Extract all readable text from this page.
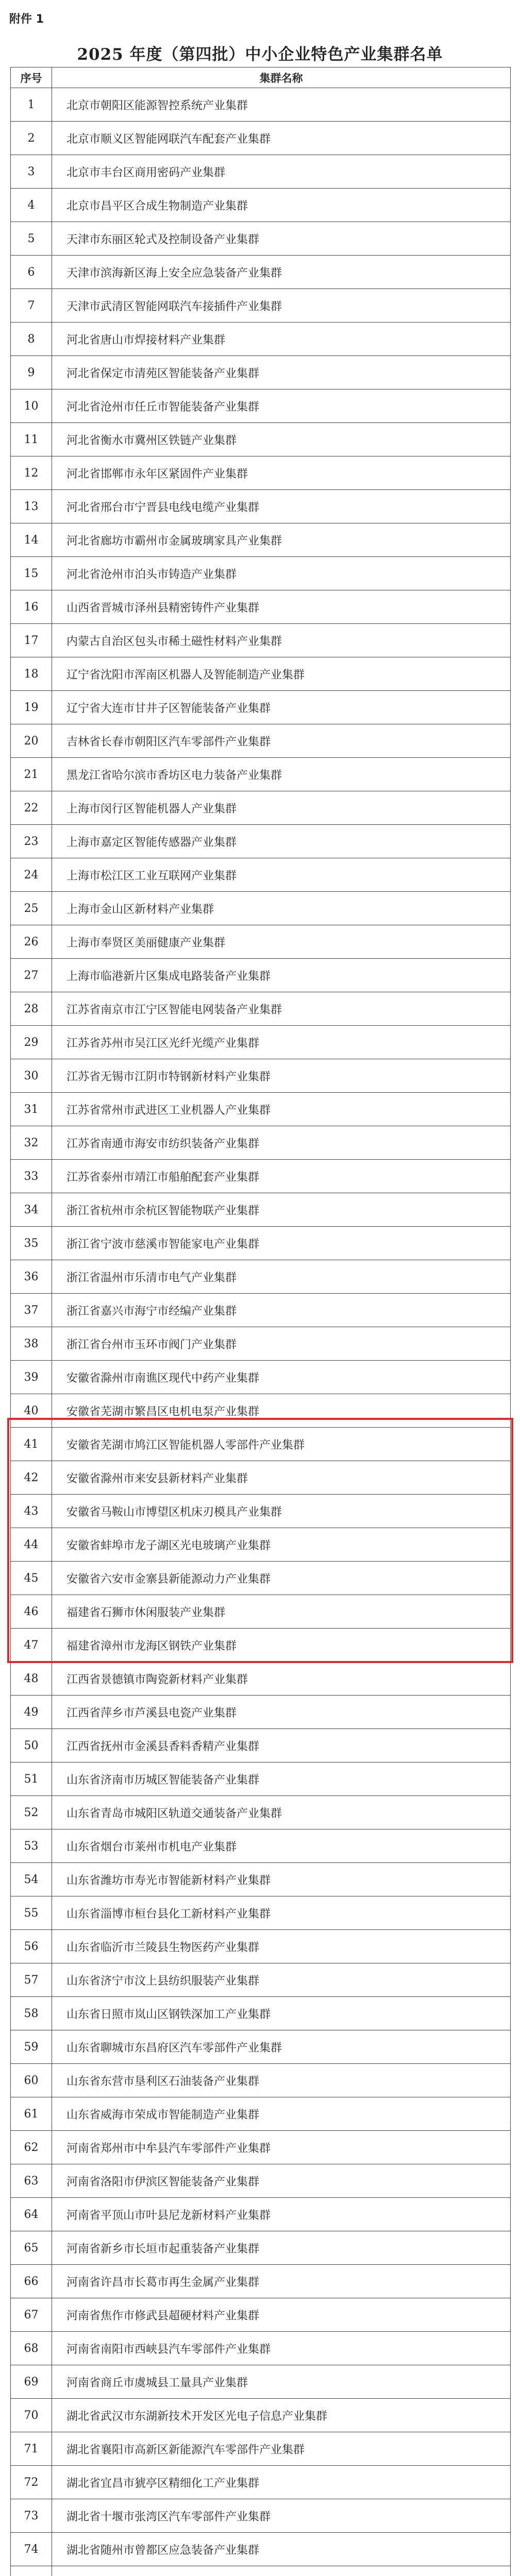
附件 1
2025 年度（第四批）中小企业特色产业集群名单
序号	集群名称
1	北京市朝阳区能源智控系统产业集群
2	北京市顺义区智能网联汽车配套产业集群
3	北京市丰台区商用密码产业集群
4	北京市昌平区合成生物制造产业集群
5	天津市东丽区轮式及控制设备产业集群
6	天津市滨海新区海上安全应急装备产业集群
7	天津市武清区智能网联汽车接插件产业集群
8	河北省唐山市焊接材料产业集群
9	河北省保定市清苑区智能装备产业集群
10	河北省沧州市任丘市智能装备产业集群
11	河北省衡水市冀州区铁链产业集群
12	河北省邯郸市永年区紧固件产业集群
13	河北省邢台市宁晋县电线电缆产业集群
14	河北省廊坊市霸州市金属玻璃家具产业集群
15	河北省沧州市泊头市铸造产业集群
16	山西省晋城市泽州县精密铸件产业集群
17	内蒙古自治区包头市稀土磁性材料产业集群
18	辽宁省沈阳市浑南区机器人及智能制造产业集群
19	辽宁省大连市甘井子区智能装备产业集群
20	吉林省长春市朝阳区汽车零部件产业集群
21	黑龙江省哈尔滨市香坊区电力装备产业集群
22	上海市闵行区智能机器人产业集群
23	上海市嘉定区智能传感器产业集群
24	上海市松江区工业互联网产业集群
25	上海市金山区新材料产业集群
26	上海市奉贤区美丽健康产业集群
27	上海市临港新片区集成电路装备产业集群
28	江苏省南京市江宁区智能电网装备产业集群
29	江苏省苏州市吴江区光纤光缆产业集群
30	江苏省无锡市江阴市特钢新材料产业集群
31	江苏省常州市武进区工业机器人产业集群
32	江苏省南通市海安市纺织装备产业集群
33	江苏省泰州市靖江市船舶配套产业集群
34	浙江省杭州市余杭区智能物联产业集群
35	浙江省宁波市慈溪市智能家电产业集群
36	浙江省温州市乐清市电气产业集群
37	浙江省嘉兴市海宁市经编产业集群
38	浙江省台州市玉环市阀门产业集群
39	安徽省滁州市南谯区现代中药产业集群
40	安徽省芜湖市繁昌区电机电泵产业集群
41	安徽省芜湖市鸠江区智能机器人零部件产业集群
42	安徽省滁州市来安县新材料产业集群
43	安徽省马鞍山市博望区机床刃模具产业集群
44	安徽省蚌埠市龙子湖区光电玻璃产业集群
45	安徽省六安市金寨县新能源动力产业集群
46	福建省石狮市休闲服装产业集群
47	福建省漳州市龙海区钢铁产业集群
48	江西省景德镇市陶瓷新材料产业集群
49	江西省萍乡市芦溪县电瓷产业集群
50	江西省抚州市金溪县香料香精产业集群
51	山东省济南市历城区智能装备产业集群
52	山东省青岛市城阳区轨道交通装备产业集群
53	山东省烟台市莱州市机电产业集群
54	山东省潍坊市寿光市智能新材料产业集群
55	山东省淄博市桓台县化工新材料产业集群
56	山东省临沂市兰陵县生物医药产业集群
57	山东省济宁市汶上县纺织服装产业集群
58	山东省日照市岚山区钢铁深加工产业集群
59	山东省聊城市东昌府区汽车零部件产业集群
60	山东省东营市垦利区石油装备产业集群
61	山东省威海市荣成市智能制造产业集群
62	河南省郑州市中牟县汽车零部件产业集群
63	河南省洛阳市伊滨区智能装备产业集群
64	河南省平顶山市叶县尼龙新材料产业集群
65	河南省新乡市长垣市起重装备产业集群
66	河南省许昌市长葛市再生金属产业集群
67	河南省焦作市修武县超硬材料产业集群
68	河南省南阳市西峡县汽车零部件产业集群
69	河南省商丘市虞城县工量具产业集群
70	湖北省武汉市东湖新技术开发区光电子信息产业集群
71	湖北省襄阳市高新区新能源汽车零部件产业集群
72	湖北省宜昌市猇亭区精细化工产业集群
73	湖北省十堰市张湾区汽车零部件产业集群
74	湖北省随州市曾都区应急装备产业集群
